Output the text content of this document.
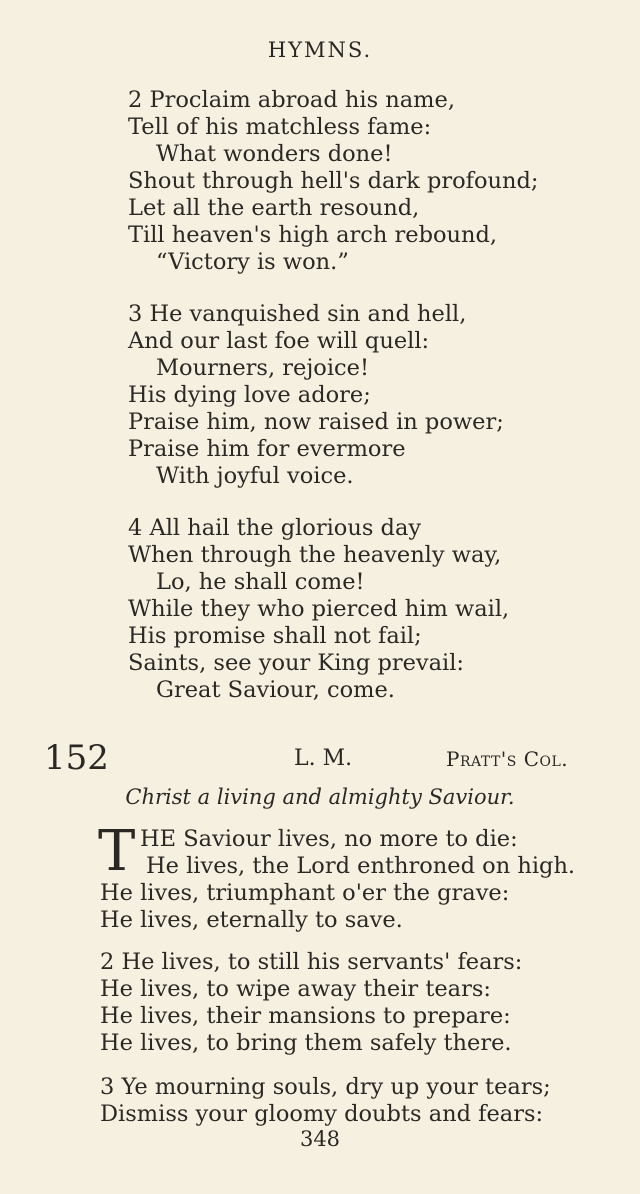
HYMNS.
2 Proclaim abroad his name,
Tell of his matchless fame:
What wonders done!
Shout through hell's dark profound;
Let all the earth resound,
Till heaven's high arch rebound,
“Victory is won.”
3 He vanquished sin and hell,
And our last foe will quell:
Mourners, rejoice!
His dying love adore;
Praise him, now raised in power;
Praise him for evermore
With joyful voice.
4 All hail the glorious day
When through the heavenly way,
Lo, he shall come!
While they who pierced him wail,
His promise shall not fail;
Saints, see your King prevail:
Great Saviour, come.
152	L. M.	Pratt's Col.
Christ a living and almighty Saviour.
T HE Saviour lives, no more to die:
He lives, the Lord enthroned on high.
He lives, triumphant o'er the grave:
He lives, eternally to save.
2 He lives, to still his servants' fears:
He lives, to wipe away their tears:
He lives, their mansions to prepare:
He lives, to bring them safely there.
3 Ye mourning souls, dry up your tears;
Dismiss your gloomy doubts and fears:
348
